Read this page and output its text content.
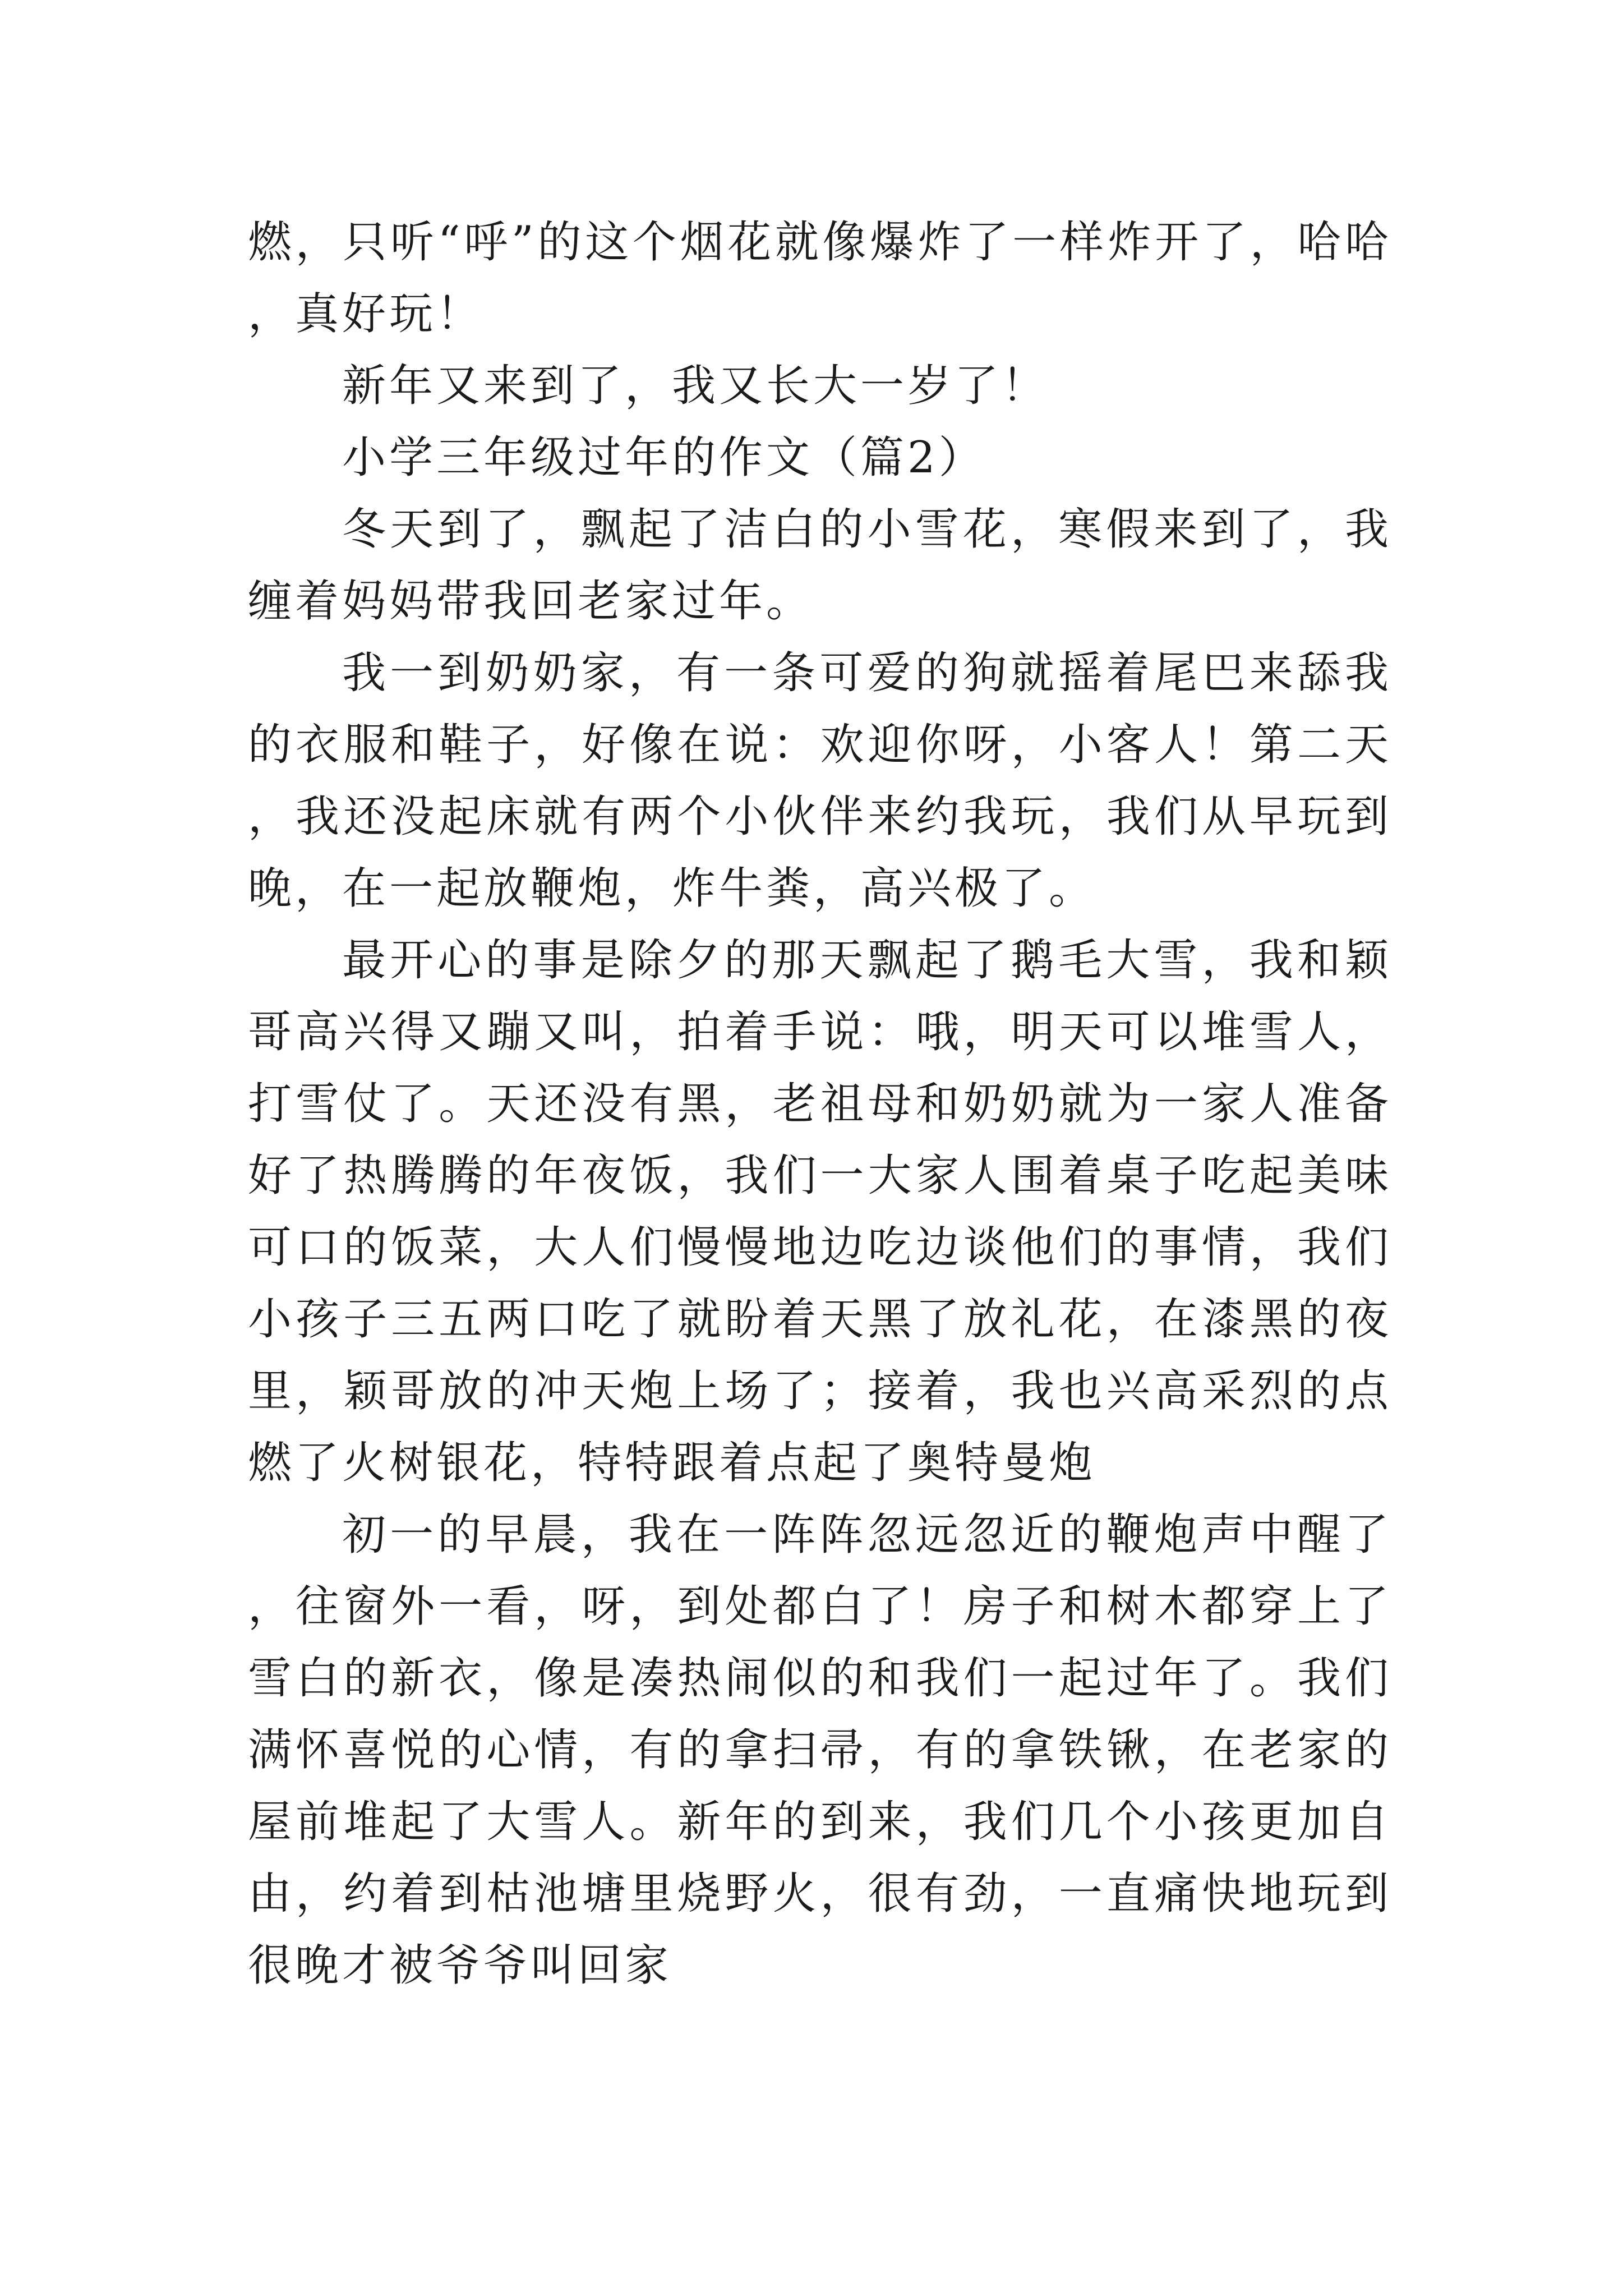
燃，只听“呼”的这个烟花就像爆炸了一样炸开了，哈哈，真好玩！

新年又来到了，我又长大一岁了！

小学三年级过年的作文（篇2）

冬天到了，飘起了洁白的小雪花，寒假来到了，我缠着妈妈带我回老家过年。

我一到奶奶家，有一条可爱的狗就摇着尾巴来舔我的衣服和鞋子，好像在说：欢迎你呀，小客人！第二天，我还没起床就有两个小伙伴来约我玩，我们从早玩到晚，在一起放鞭炮，炸牛粪，高兴极了。

最开心的事是除夕的那天飘起了鹅毛大雪，我和颖哥高兴得又蹦又叫，拍着手说：哦，明天可以堆雪人，打雪仗了。天还没有黑，老祖母和奶奶就为一家人准备好了热腾腾的年夜饭，我们一大家人围着桌子吃起美味可口的饭菜，大人们慢慢地边吃边谈他们的事情，我们小孩子三五两口吃了就盼着天黑了放礼花，在漆黑的夜里，颖哥放的冲天炮上场了；接着，我也兴高采烈的点燃了火树银花，特特跟着点起了奥特曼炮

初一的早晨，我在一阵阵忽远忽近的鞭炮声中醒了，往窗外一看，呀，到处都白了！房子和树木都穿上了雪白的新衣，像是凑热闹似的和我们一起过年了。我们满怀喜悦的心情，有的拿扫帚，有的拿铁锹，在老家的屋前堆起了大雪人。新年的到来，我们几个小孩更加自由，约着到枯池塘里烧野火，很有劲，一直痛快地玩到很晚才被爷爷叫回家
